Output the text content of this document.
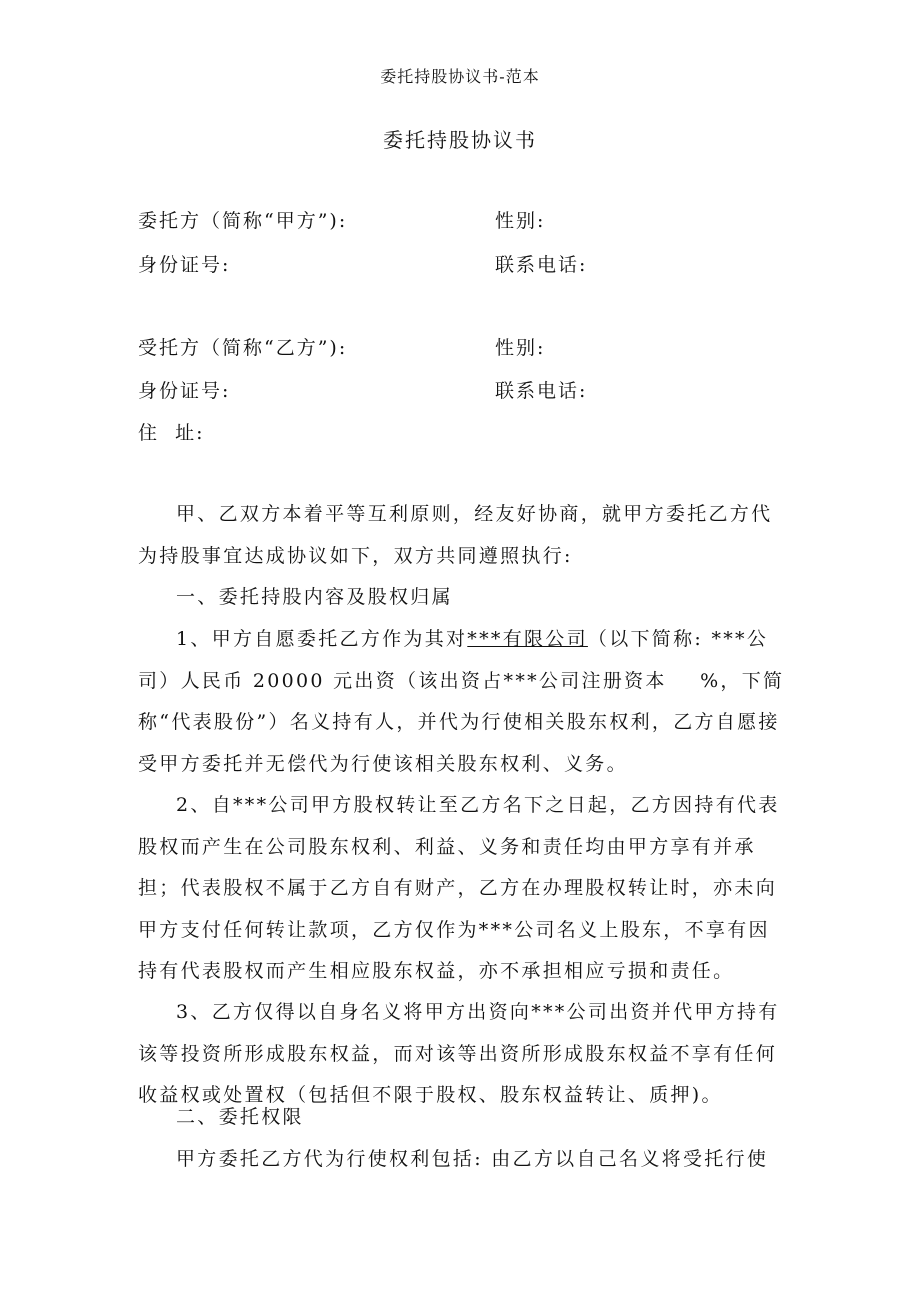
委托持股协议书-范本
委托持股协议书
委托方（简称“甲方”):	性别:
身份证号:	联系电话:
受托方（简称“乙方”):	性别:
身份证号:	联系电话:
住  址:
甲、乙双方本着平等互利原则，经友好协商，就甲方委托乙方代为持股事宜达成协议如下，双方共同遵照执行:
一、委托持股内容及股权归属
1、甲方自愿委托乙方作为其对***有限公司（以下简称: ***公司）人民币 20000 元出资（该出资占***公司注册资本    %，下简称“代表股份”）名义持有人，并代为行使相关股东权利，乙方自愿接受甲方委托并无偿代为行使该相关股东权利、义务。
2、自***公司甲方股权转让至乙方名下之日起，乙方因持有代表股权而产生在公司股东权利、利益、义务和责任均由甲方享有并承担；代表股权不属于乙方自有财产，乙方在办理股权转让时，亦未向甲方支付任何转让款项，乙方仅作为***公司名义上股东，不享有因持有代表股权而产生相应股东权益，亦不承担相应亏损和责任。
3、乙方仅得以自身名义将甲方出资向***公司出资并代甲方持有该等投资所形成股东权益，而对该等出资所形成股东权益不享有任何收益权或处置权（包括但不限于股权、股东权益转让、质押)。
二、委托权限
甲方委托乙方代为行使权利包括: 由乙方以自己名义将受托行使
